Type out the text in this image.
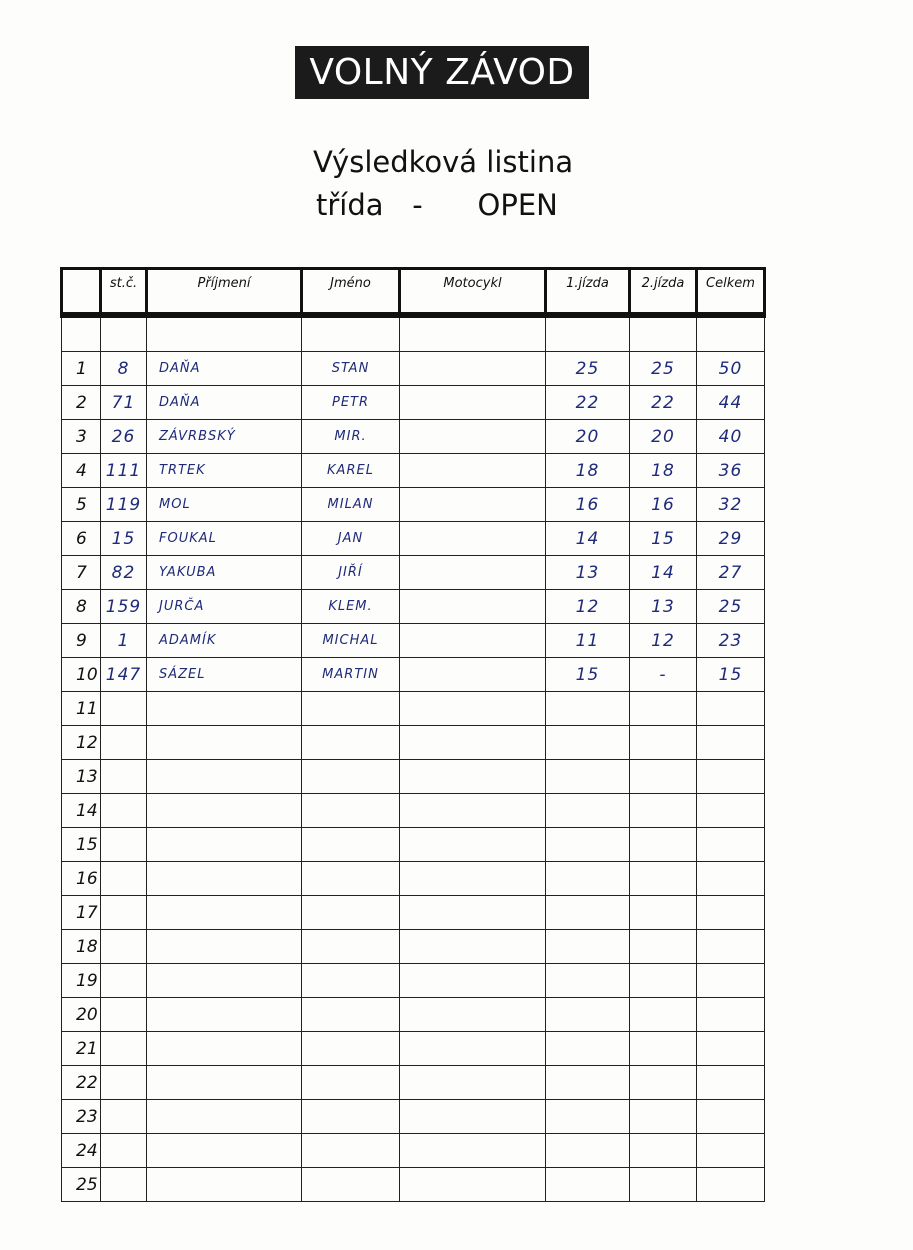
VOLNÝ ZÁVOD
Výsledková listina
třída - OPEN
	st.č.	Příjmení	Jméno	Motocykl	1.jízda	2.jízda	Celkem

1	8	DAŇA	STAN		25	25	50
2	71	DAŇA	PETR		22	22	44
3	26	ZÁVRBSKÝ	MIR.		20	20	40
4	111	TRTEK	KAREL		18	18	36
5	119	MOL	MILAN		16	16	32
6	15	FOUKAL	JAN		14	15	29
7	82	YAKUBA	JIŘÍ		13	14	27
8	159	JURČA	KLEM.		12	13	25
9	1	ADAMÍK	MICHAL		11	12	23
10	147	SÁZEL	MARTIN		15	-	15
11							
12							
13							
14							
15							
16							
17							
18							
19							
20							
21							
22							
23							
24							
25							
